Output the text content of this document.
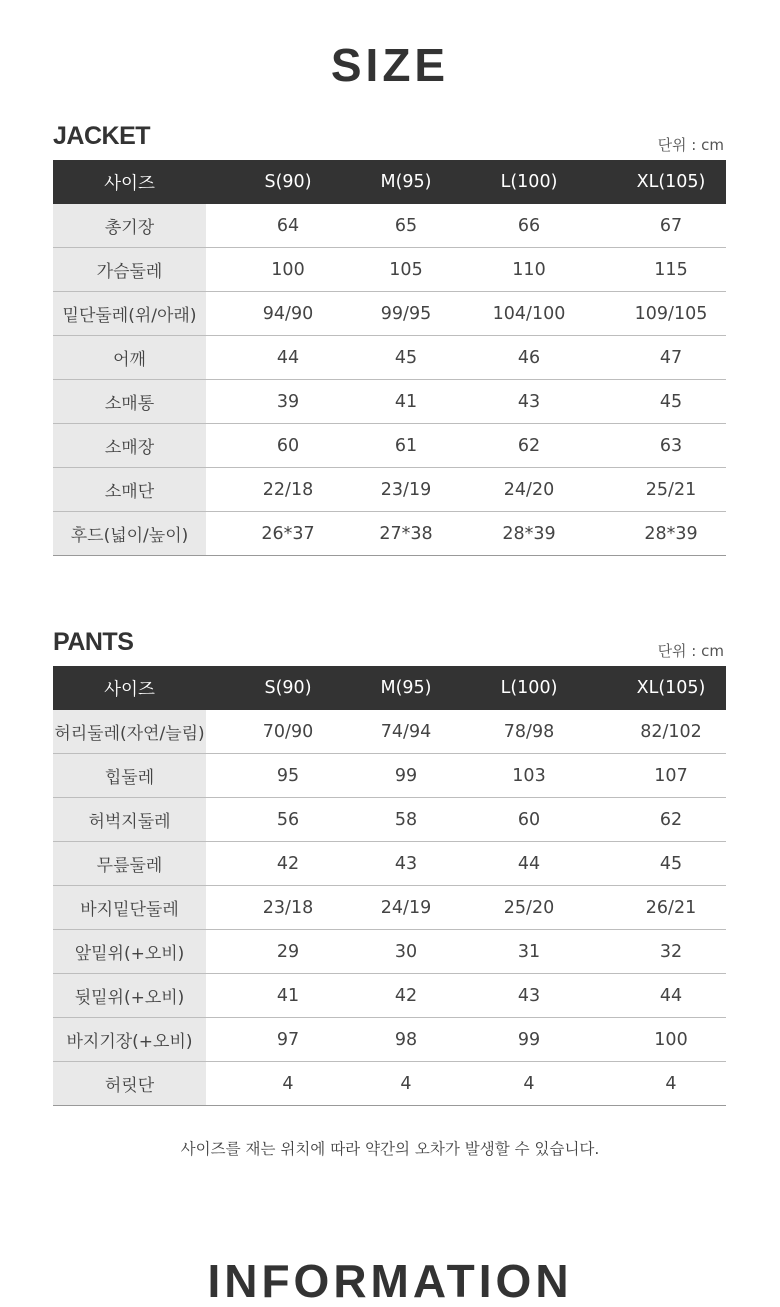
SIZE
JACKET	단위 : cm
사이즈	S(90)	M(95)	L(100)	XL(105)
총기장	64	65	66	67
가슴둘레	100	105	110	115
밑단둘레(위/아래)	94/90	99/95	104/100	109/105
어깨	44	45	46	47
소매통	39	41	43	45
소매장	60	61	62	63
소매단	22/18	23/19	24/20	25/21
후드(넓이/높이)	26*37	27*38	28*39	28*39
PANTS	단위 : cm
사이즈	S(90)	M(95)	L(100)	XL(105)
허리둘레(자연/늘림)	70/90	74/94	78/98	82/102
힙둘레	95	99	103	107
허벅지둘레	56	58	60	62
무릎둘레	42	43	44	45
바지밑단둘레	23/18	24/19	25/20	26/21
앞밑위(+오비)	29	30	31	32
뒷밑위(+오비)	41	42	43	44
바지기장(+오비)	97	98	99	100
허릿단	4	4	4	4
사이즈를 재는 위치에 따라 약간의 오차가 발생할 수 있습니다.
INFORMATION
